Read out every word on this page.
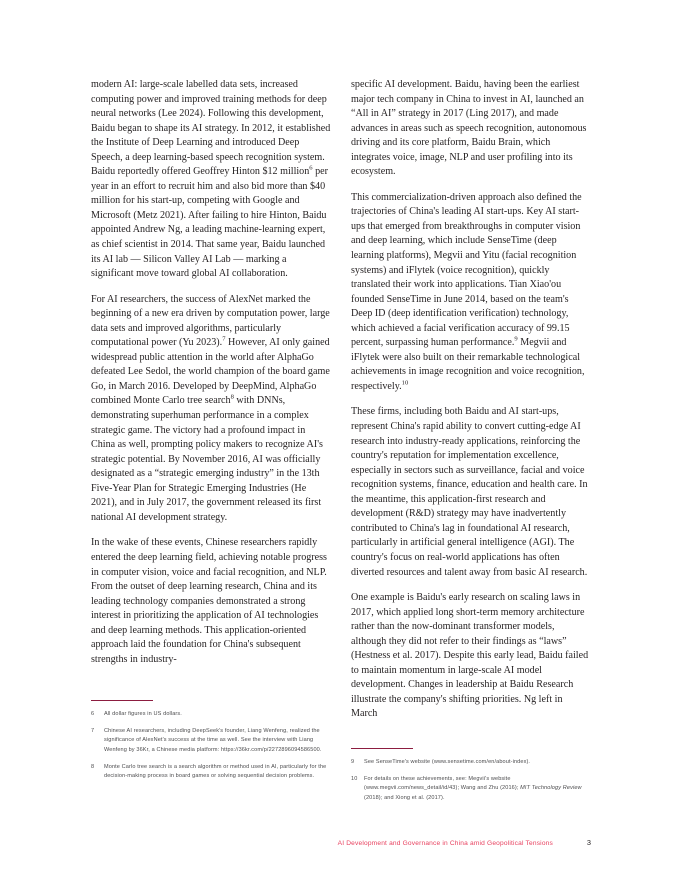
modern AI: large-scale labelled data sets, increased computing power and improved training methods for deep neural networks (Lee 2024). Following this development, Baidu began to shape its AI strategy. In 2012, it established the Institute of Deep Learning and introduced Deep Speech, a deep learning-based speech recognition system. Baidu reportedly offered Geoffrey Hinton $12 million$^6$ per year in an effort to recruit him and also bid more than $40 million for his start-up, competing with Google and Microsoft (Metz 2021). After failing to hire Hinton, Baidu appointed Andrew Ng, a leading machine-learning expert, as chief scientist in 2014. That same year, Baidu launched its AI lab — Silicon Valley AI Lab — marking a significant move toward global AI collaboration.

For AI researchers, the success of AlexNet marked the beginning of a new era driven by computation power, large data sets and improved algorithms, particularly computational power (Yu 2023).$^7$ However, AI only gained widespread public attention in the world after AlphaGo defeated Lee Sedol, the world champion of the board game Go, in March 2016. Developed by DeepMind, AlphaGo combined Monte Carlo tree search$^8$ with DNNs, demonstrating superhuman performance in a complex strategic game. The victory had a profound impact in China as well, prompting policy makers to recognize AI's strategic potential. By November 2016, AI was officially designated as a “strategic emerging industry” in the 13th Five-Year Plan for Strategic Emerging Industries (He 2021), and in July 2017, the government released its first national AI development strategy.

In the wake of these events, Chinese researchers rapidly entered the deep learning field, achieving notable progress in computer vision, voice and facial recognition, and NLP. From the outset of deep learning research, China and its leading technology companies demonstrated a strong interest in prioritizing the application of AI technologies and deep learning methods. This application-oriented approach laid the foundation for China's subsequent strengths in industry-

specific AI development. Baidu, having been the earliest major tech company in China to invest in AI, launched an “All in AI” strategy in 2017 (Ling 2017), and made advances in areas such as speech recognition, autonomous driving and its core platform, Baidu Brain, which integrates voice, image, NLP and user profiling into its ecosystem.

This commercialization-driven approach also defined the trajectories of China's leading AI start-ups. Key AI start-ups that emerged from breakthroughs in computer vision and deep learning, which include SenseTime (deep learning platforms), Megvii and Yitu (facial recognition systems) and iFlytek (voice recognition), quickly translated their work into applications. Tian Xiao'ou founded SenseTime in June 2014, based on the team's Deep ID (deep identification verification) technology, which achieved a facial verification accuracy of 99.15 percent, surpassing human performance.$^9$ Megvii and iFlytek were also built on their remarkable technological achievements in image recognition and voice recognition, respectively.$^{10}$

These firms, including both Baidu and AI start-ups, represent China's rapid ability to convert cutting-edge AI research into industry-ready applications, reinforcing the country's reputation for implementation excellence, especially in sectors such as surveillance, facial and voice recognition systems, finance, education and health care. In the meantime, this application-first research and development (R&D) strategy may have inadvertently contributed to China's lag in foundational AI research, particularly in artificial general intelligence (AGI). The country's focus on real-world applications has often diverted resources and talent away from basic AI research.

One example is Baidu's early research on scaling laws in 2017, which applied long short-term memory architecture rather than the now-dominant transformer models, although they did not refer to their findings as “laws” (Hestness et al. 2017). Despite this early lead, Baidu failed to maintain momentum in large-scale AI model development. Changes in leadership at Baidu Research illustrate the company's shifting priorities. Ng left in March

6	All dollar figures in US dollars.
7	Chinese AI researchers, including DeepSeek's founder, Liang Wenfeng, realized the significance of AlexNet's success at the time as well. See the interview with Liang Wenfeng by 36Kr, a Chinese media platform: https://36kr.com/p/2272896094586500.
8	Monte Carlo tree search is a search algorithm or method used in AI, particularly for the decision-making process in board games or solving sequential decision problems.
9	See SenseTime's website (www.sensetime.com/en/about-index).
10	For details on these achievements, see: Megvii's website (www.megvii.com/news_detail/id/43); Wang and Zhu (2016); MIT Technology Review (2018); and Xiong et al. (2017).
AI Development and Governance in China amid Geopolitical Tensions	3
